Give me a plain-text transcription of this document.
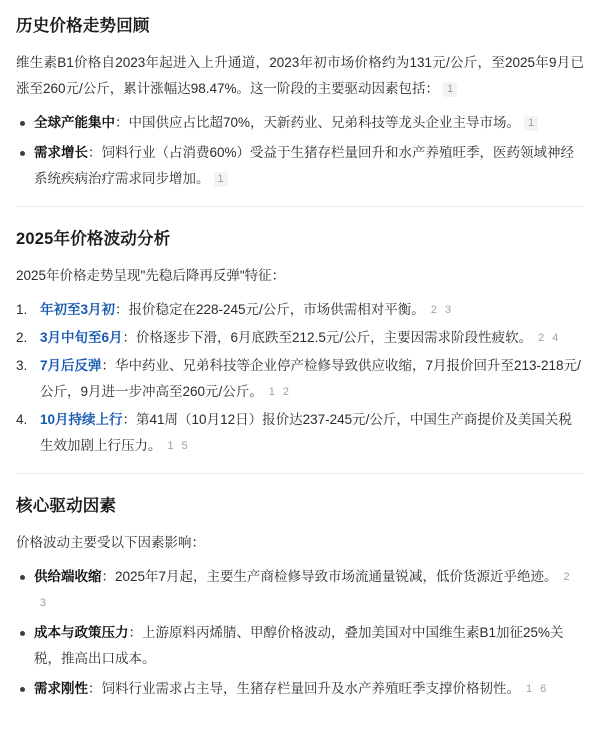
历史价格走势回顾

维生素B1价格自2023年起进入上升通道，2023年初市场价格约为131元/公斤，至2025年9月已涨至260元/公斤，累计涨幅达98.47%。这一阶段的主要驱动因素包括： 1

全球产能集中：中国供应占比超70%，天新药业、兄弟科技等龙头企业主导市场。 1
需求增长：饲料行业（占消费60%）受益于生猪存栏量回升和水产养殖旺季，医药领域神经系统疾病治疗需求同步增加。 1
2025年价格波动分析

2025年价格走势呈现"先稳后降再反弹"特征：

1. 年初至3月初：报价稳定在228-245元/公斤，市场供需相对平衡。 2 3
2. 3月中旬至6月：价格逐步下滑，6月底跌至212.5元/公斤，主要因需求阶段性疲软。 2 4
3. 7月后反弹：华中药业、兄弟科技等企业停产检修导致供应收缩，7月报价回升至213-218元/公斤，9月进一步冲高至260元/公斤。 1 2
4. 10月持续上行：第41周（10月12日）报价达237-245元/公斤，中国生产商提价及美国关税生效加剧上行压力。 1 5
核心驱动因素

价格波动主要受以下因素影响：

供给端收缩：2025年7月起，主要生产商检修导致市场流通量锐减，低价货源近乎绝迹。 23
成本与政策压力：上游原料丙烯腈、甲醇价格波动，叠加美国对中国维生素B1加征25%关税，推高出口成本。
需求刚性：饲料行业需求占主导，生猪存栏量回升及水产养殖旺季支撑价格韧性。 1 6
